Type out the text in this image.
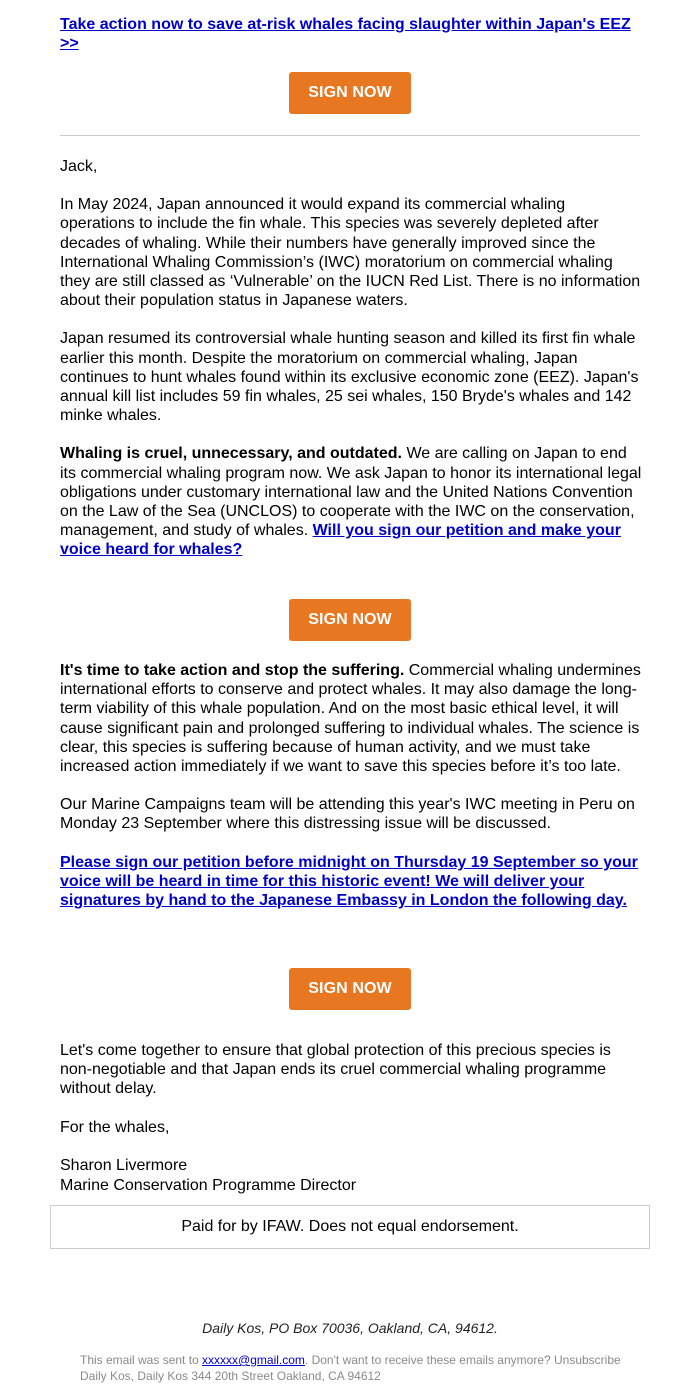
Take action now to save at-risk whales facing slaughter within Japan's EEZ >>
SIGN NOW

Jack,

In May 2024, Japan announced it would expand its commercial whaling operations to include the fin whale. This species was severely depleted after decades of whaling. While their numbers have generally improved since the International Whaling Commission’s (IWC) moratorium on commercial whaling they are still classed as ‘Vulnerable’ on the IUCN Red List. There is no information about their population status in Japanese waters.

Japan resumed its controversial whale hunting season and killed its first fin whale earlier this month. Despite the moratorium on commercial whaling, Japan continues to hunt whales found within its exclusive economic zone (EEZ). Japan's annual kill list includes 59 fin whales, 25 sei whales, 150 Bryde's whales and 142 minke whales.

Whaling is cruel, unnecessary, and outdated. We are calling on Japan to end its commercial whaling program now. We ask Japan to honor its international legal obligations under customary international law and the United Nations Convention on the Law of the Sea (UNCLOS) to cooperate with the IWC on the conservation, management, and study of whales. Will you sign our petition and make your voice heard for whales?

SIGN NOW

It's time to take action and stop the suffering. Commercial whaling undermines international efforts to conserve and protect whales. It may also damage the long-term viability of this whale population. And on the most basic ethical level, it will cause significant pain and prolonged suffering to individual whales. The science is clear, this species is suffering because of human activity, and we must take increased action immediately if we want to save this species before it’s too late.

Our Marine Campaigns team will be attending this year's IWC meeting in Peru on Monday 23 September where this distressing issue will be discussed.

Please sign our petition before midnight on Thursday 19 September so your voice will be heard in time for this historic event! We will deliver your signatures by hand to the Japanese Embassy in London the following day.

SIGN NOW

Let's come together to ensure that global protection of this precious species is non-negotiable and that Japan ends its cruel commercial whaling programme without delay.

For the whales,

Sharon Livermore

Marine Conservation Programme Director

Paid for by IFAW. Does not equal endorsement.
Daily Kos, PO Box 70036, Oakland, CA, 94612.
This email was sent to xxxxxx@gmail.com. Don't want to receive these emails anymore? Unsubscribe
Daily Kos, Daily Kos 344 20th Street Oakland, CA 94612
